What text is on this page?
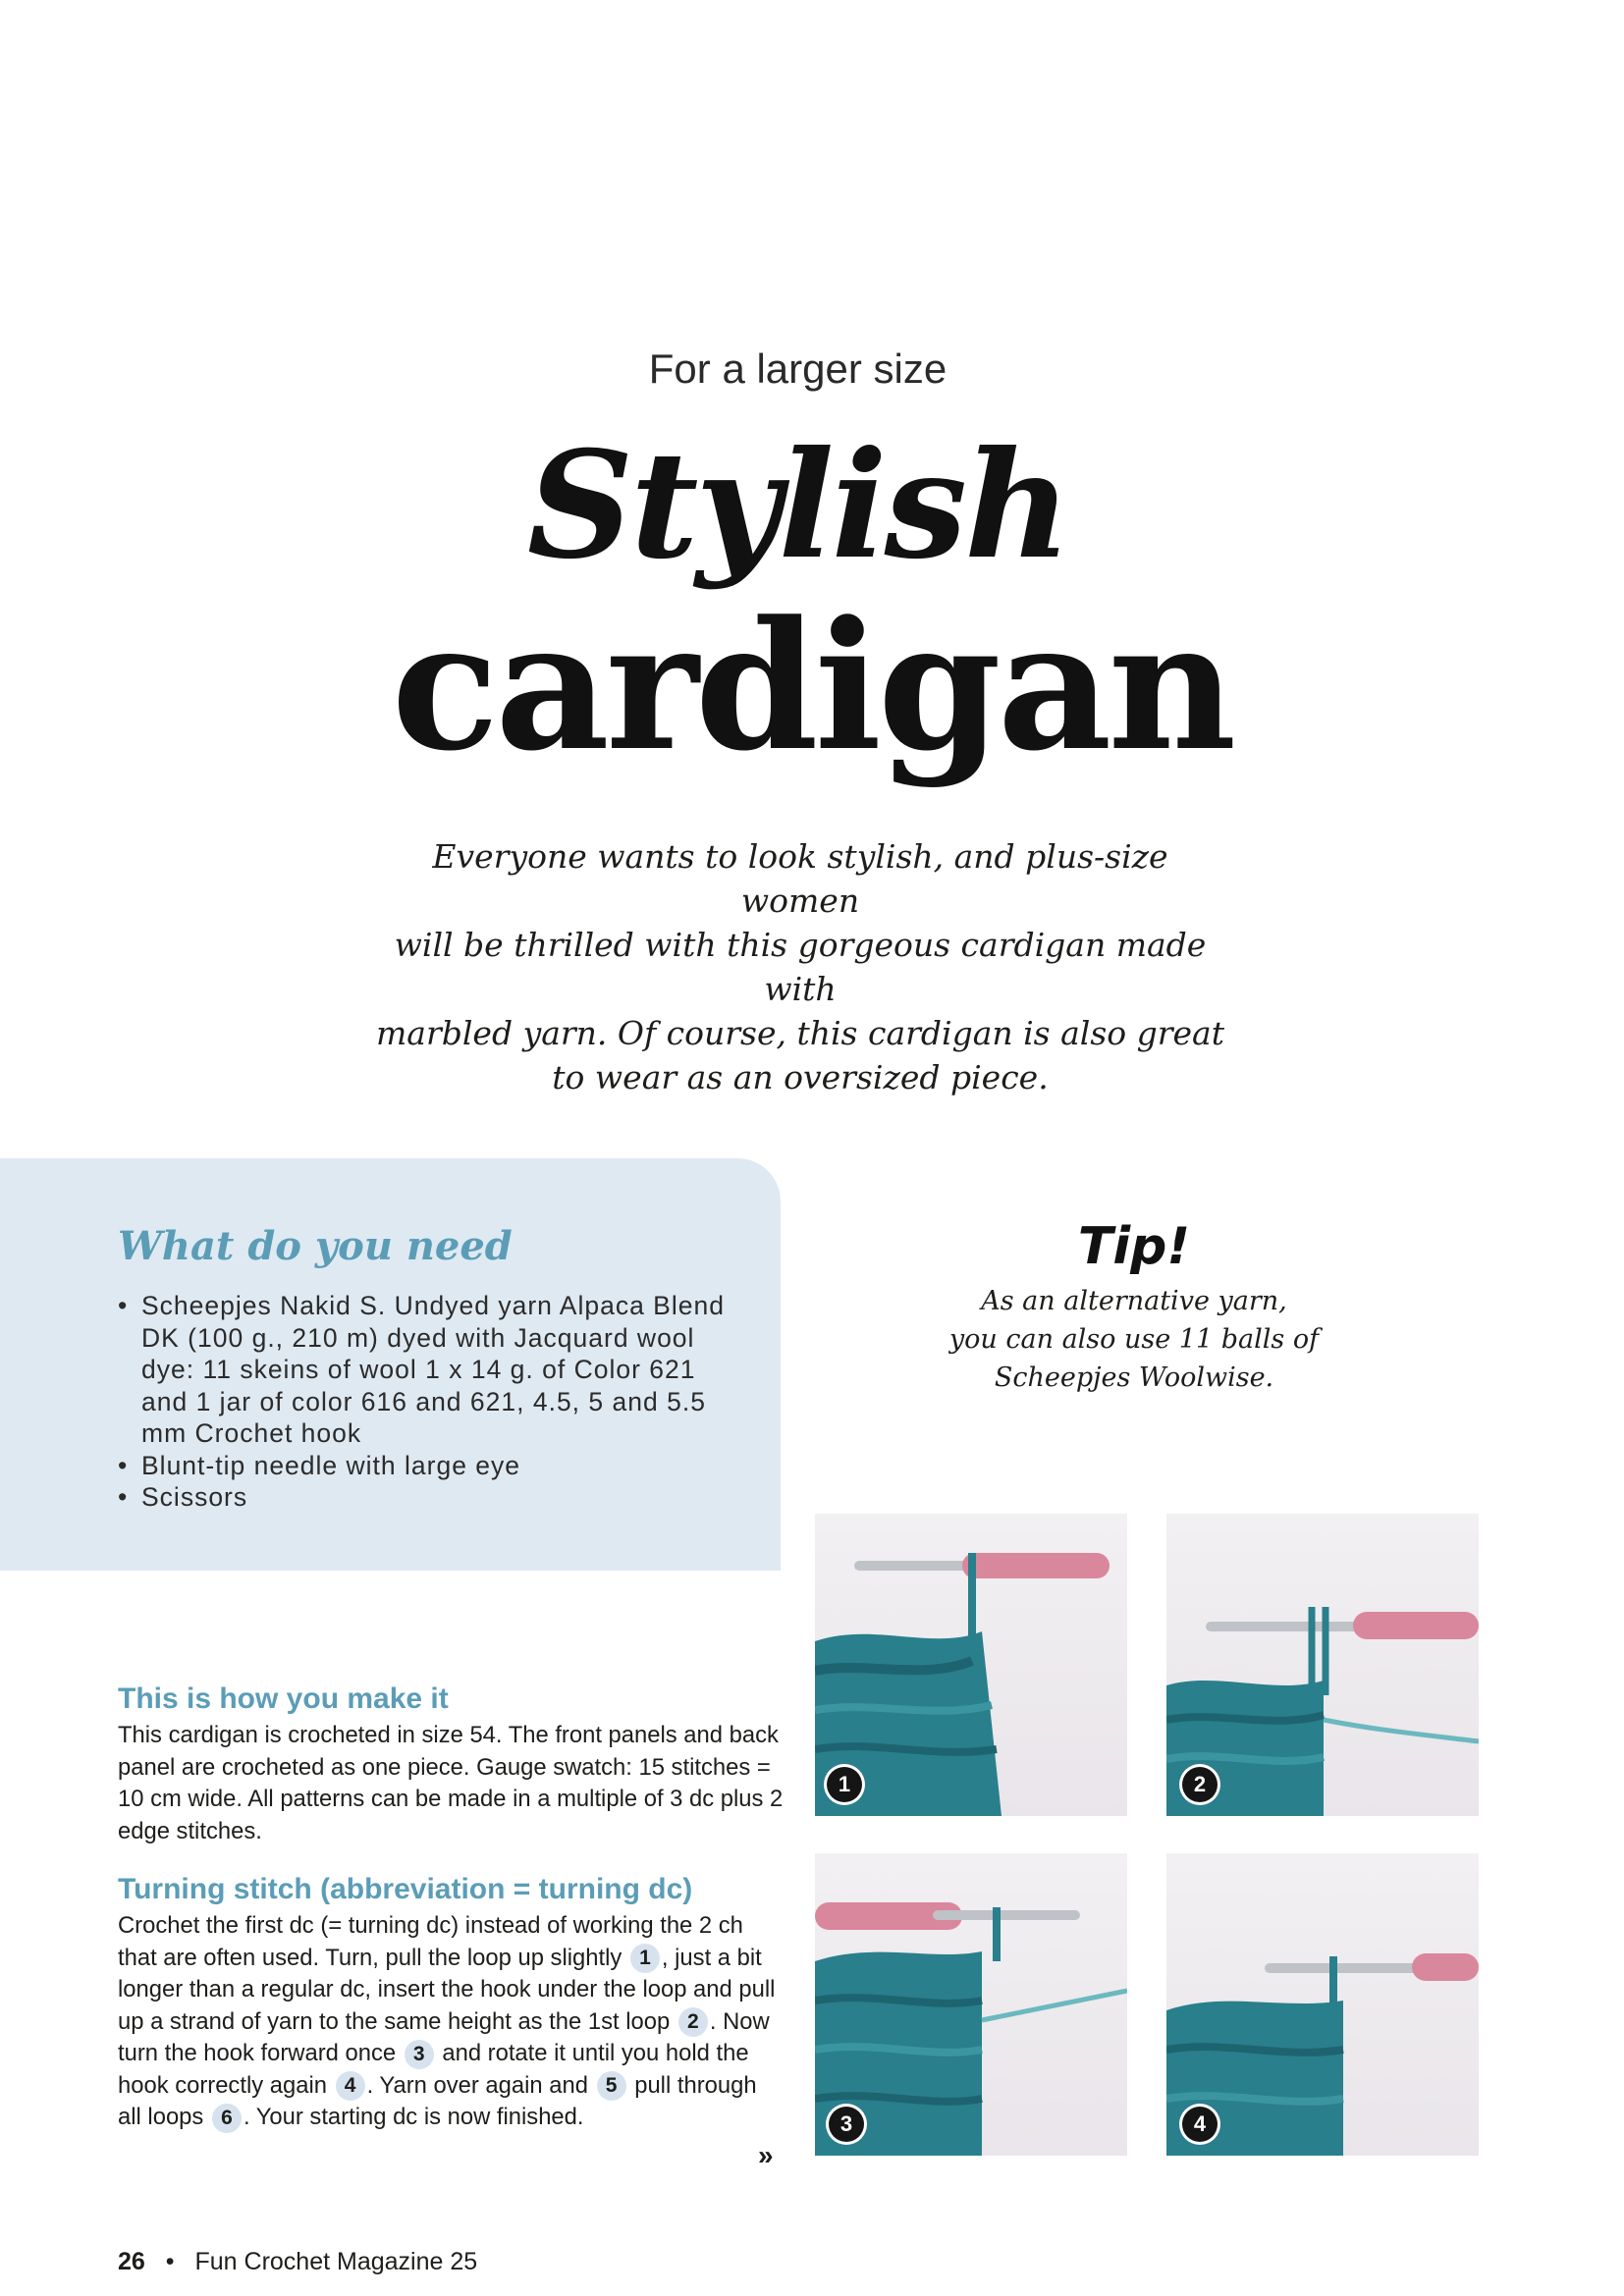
For a larger size
Stylish
cardigan
Everyone wants to look stylish, and plus-size women
will be thrilled with this gorgeous cardigan made with
marbled yarn. Of course, this cardigan is also great
to wear as an oversized piece.
What do you need
• Scheepjes Nakid S. Undyed yarn Alpaca Blend DK (100 g., 210 m) dyed with Jacquard wool dye: 11 skeins of wool 1 x 14 g. of Color 621 and 1 jar of color 616 and 621, 4.5, 5 and 5.5 mm Crochet hook
• Blunt-tip needle with large eye
• Scissors
Tip!
As an alternative yarn,
you can also use 11 balls of
Scheepjes Woolwise.
This is how you make it
This cardigan is crocheted in size 54. The front panels and back panel are crocheted as one piece. Gauge swatch: 15 stitches = 10 cm wide. All patterns can be made in a multiple of 3 dc plus 2 edge stitches.
Turning stitch (abbreviation = turning dc)
Crochet the first dc (= turning dc) instead of working the 2 ch that are often used. Turn, pull the loop up slightly 1 , just a bit longer than a regular dc, insert the hook under the loop and pull up a strand of yarn to the same height as the 1st loop 2 . Now turn the hook forward once 3 and rotate it until you hold the hook correctly again 4 . Yarn over again and 5 pull through all loops 6 . Your starting dc is now finished.
»
1	2
3	4
26 • Fun Crochet Magazine 25
